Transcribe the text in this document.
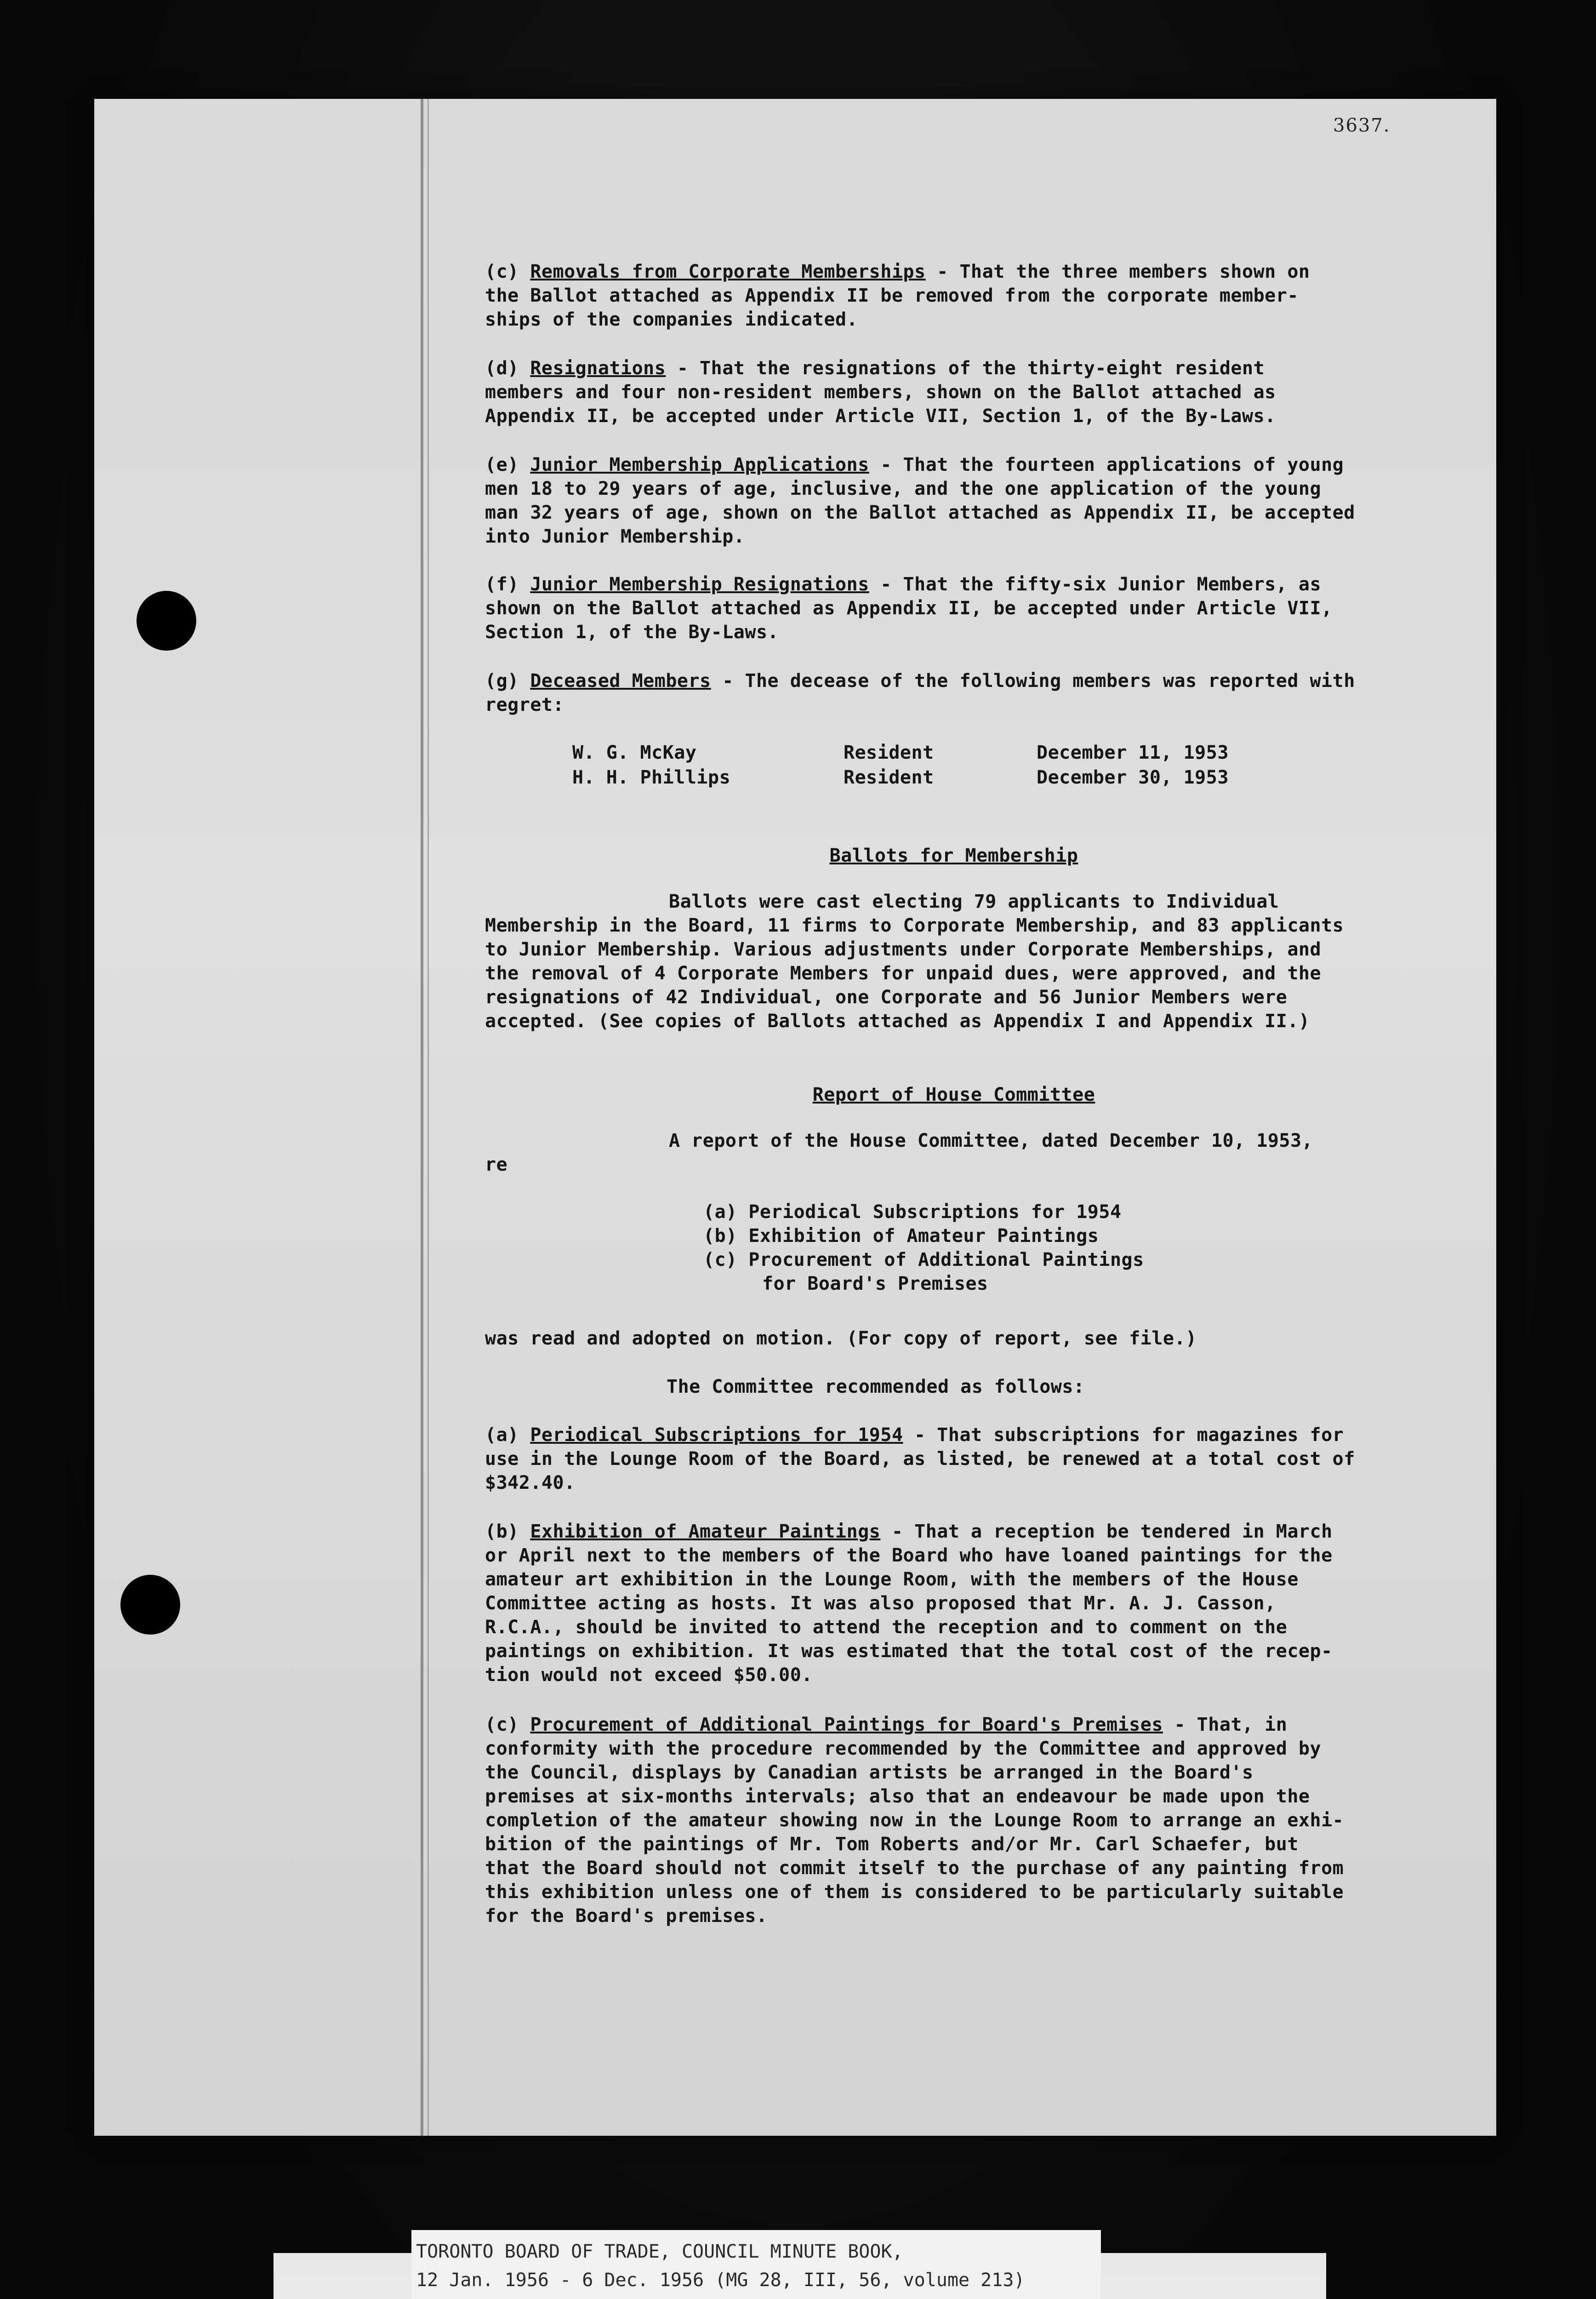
3637.

(c) Removals from Corporate Memberships - That the three members shown on

the Ballot attached as Appendix II be removed from the corporate member-

ships of the companies indicated.

(d) Resignations - That the resignations of the thirty-eight resident

members and four non-resident members, shown on the Ballot attached as

Appendix II, be accepted under Article VII, Section 1, of the By-Laws.

(e) Junior Membership Applications - That the fourteen applications of young

men 18 to 29 years of age, inclusive, and the one application of the young

man 32 years of age, shown on the Ballot attached as Appendix II, be accepted

into Junior Membership.

(f) Junior Membership Resignations - That the fifty-six Junior Members, as

shown on the Ballot attached as Appendix II, be accepted under Article VII,

Section 1, of the By-Laws.

(g) Deceased Members - The decease of the following members was reported with

regret:

W. G. McKay	Resident	December 11, 1953
H. H. Phillips	Resident	December 30, 1953
Ballots for Membership

Ballots were cast electing 79 applicants to Individual

Membership in the Board, 11 firms to Corporate Membership, and 83 applicants

to Junior Membership. Various adjustments under Corporate Memberships, and

the removal of 4 Corporate Members for unpaid dues, were approved, and the

resignations of 42 Individual, one Corporate and 56 Junior Members were

accepted. (See copies of Ballots attached as Appendix I and Appendix II.)

Report of House Committee

A report of the House Committee, dated December 10, 1953,

re

(a) Periodical Subscriptions for 1954

(b) Exhibition of Amateur Paintings

(c) Procurement of Additional Paintings

for Board's Premises

was read and adopted on motion. (For copy of report, see file.)
The Committee recommended as follows:

(a) Periodical Subscriptions for 1954 - That subscriptions for magazines for

use in the Lounge Room of the Board, as listed, be renewed at a total cost of

$342.40.

(b) Exhibition of Amateur Paintings - That a reception be tendered in March

or April next to the members of the Board who have loaned paintings for the

amateur art exhibition in the Lounge Room, with the members of the House

Committee acting as hosts. It was also proposed that Mr. A. J. Casson,

R.C.A., should be invited to attend the reception and to comment on the

paintings on exhibition. It was estimated that the total cost of the recep-

tion would not exceed $50.00.

(c) Procurement of Additional Paintings for Board's Premises - That, in

conformity with the procedure recommended by the Committee and approved by

the Council, displays by Canadian artists be arranged in the Board's

premises at six-months intervals; also that an endeavour be made upon the

completion of the amateur showing now in the Lounge Room to arrange an exhi-

bition of the paintings of Mr. Tom Roberts and/or Mr. Carl Schaefer, but

that the Board should not commit itself to the purchase of any painting from

this exhibition unless one of them is considered to be particularly suitable

for the Board's premises.

TORONTO BOARD OF TRADE, COUNCIL MINUTE BOOK,
12 Jan. 1956 - 6 Dec. 1956 (MG 28, III, 56, volume 213)
